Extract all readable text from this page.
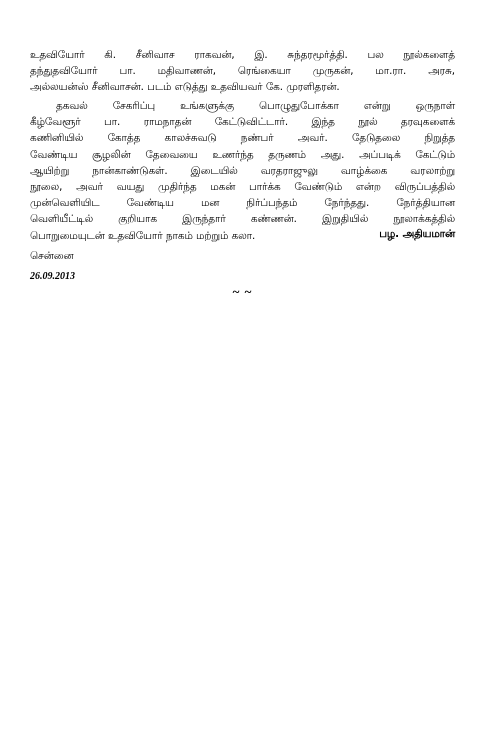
உதவியோர் கி. சீனிவாச ராகவன், இ. சுந்தரமூர்த்தி. பல நூல்களைத்
தந்துதவியோர் பா. மதிவாணன், ரெங்கையா முருகன், மா.ரா. அரசு,
அல்லயன்ஸ் சீனிவாசன். படம் எடுத்து உதவியவர் கே. முரளிதரன்.

தகவல் சேகரிப்பு உங்களுக்கு பொழுதுபோக்கா என்று ஒருநாள்
கீழ்வேளூர் பா. ராமநாதன் கேட்டுவிட்டார். இந்த நூல் தரவுகளைக்
கணினியில் கோத்த காலச்சுவடு நண்பர் அவர். தேடுதலை நிறுத்த
வேண்டிய சூழலின் தேவையை உணர்ந்த தருணம் அது. அப்படிக் கேட்டும்
ஆயிற்று நான்காண்டுகள். இடையில் வரதராஜுலு வாழ்க்கை வரலாற்று
நூலை, அவர் வயது முதிர்ந்த மகன் பார்க்க வேண்டும் என்ற விருப்பத்தில்
முன்வெளியிட வேண்டிய மன நிர்ப்பந்தம் நேர்ந்தது. நேர்த்தியான
வெளியீட்டில் குறியாக இருந்தார் கண்ணன். இறுதியில் நூலாக்கத்தில்
பொறுமையுடன் உதவியோர் நாகம் மற்றும் கலா.	பழ. அதியமான்
சென்னை
26.09.2013
~ ~
